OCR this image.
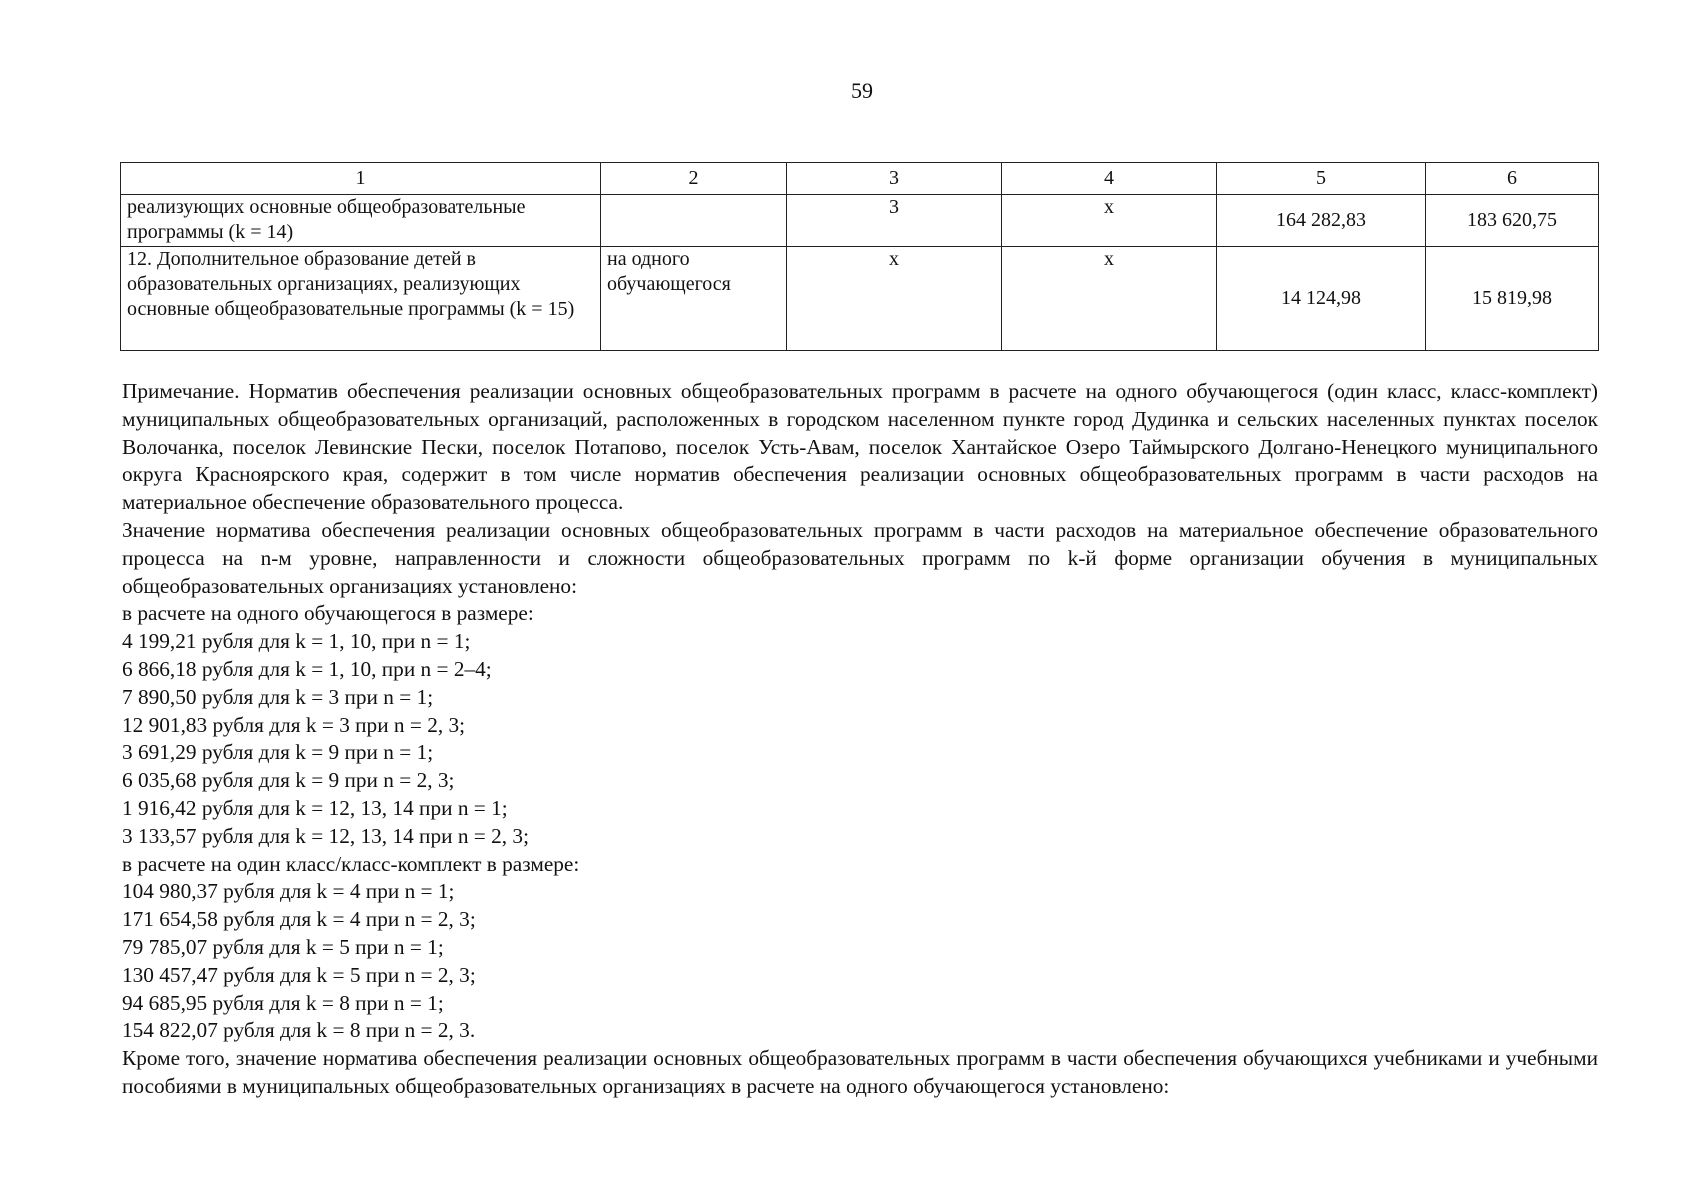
59
1	2	3	4	5	6
реализующих основные общеобразовательные программы (k = 14)		3	х	164 282,83	183 620,75
12. Дополнительное образование детей в образовательных организациях, реализующих основные общеобразовательные программы (k = 15)	на одного обучающегося	х	х	14 124,98	15 819,98

Примечание. Норматив обеспечения реализации основных общеобразовательных программ в расчете на одного обучающегося (один класс, класс-комплект) муниципальных общеобразовательных организаций, расположенных в городском населенном пункте город Дудинка и сельских населенных пунктах поселок Волочанка, поселок Левинские Пески, поселок Потапово, поселок Усть-Авам, поселок Хантайское Озеро Таймырского Долгано-Ненецкого муниципального округа Красноярского края, содержит в том числе норматив обеспечения реализации основных общеобразовательных программ в части расходов на материальное обеспечение образовательного процесса.

Значение норматива обеспечения реализации основных общеобразовательных программ в части расходов на материальное обеспечение образовательного процесса на n-м уровне, направленности и сложности общеобразовательных программ по k-й форме организации обучения в муниципальных общеобразовательных организациях установлено:

в расчете на одного обучающегося в размере:
4 199,21 рубля для k = 1, 10, при n = 1;
6 866,18 рубля для k = 1, 10, при n = 2–4;
7 890,50 рубля для k = 3 при n = 1;
12 901,83 рубля для k = 3 при n = 2, 3;
3 691,29 рубля для k = 9 при n = 1;
6 035,68 рубля для k = 9 при n = 2, 3;
1 916,42 рубля для k = 12, 13, 14 при n = 1;
3 133,57 рубля для k = 12, 13, 14 при n = 2, 3;
в расчете на один класс/класс-комплект в размере:
104 980,37 рубля для k = 4 при n = 1;
171 654,58 рубля для k = 4 при n = 2, 3;
79 785,07 рубля для k = 5 при n = 1;
130 457,47 рубля для k = 5 при n = 2, 3;
94 685,95 рубля для k = 8 при n = 1;
154 822,07 рубля для k = 8 при n = 2, 3.

Кроме того, значение норматива обеспечения реализации основных общеобразовательных программ в части обеспечения обучающихся учебниками и учебными пособиями в муниципальных общеобразовательных организациях в расчете на одного обучающегося установлено:
